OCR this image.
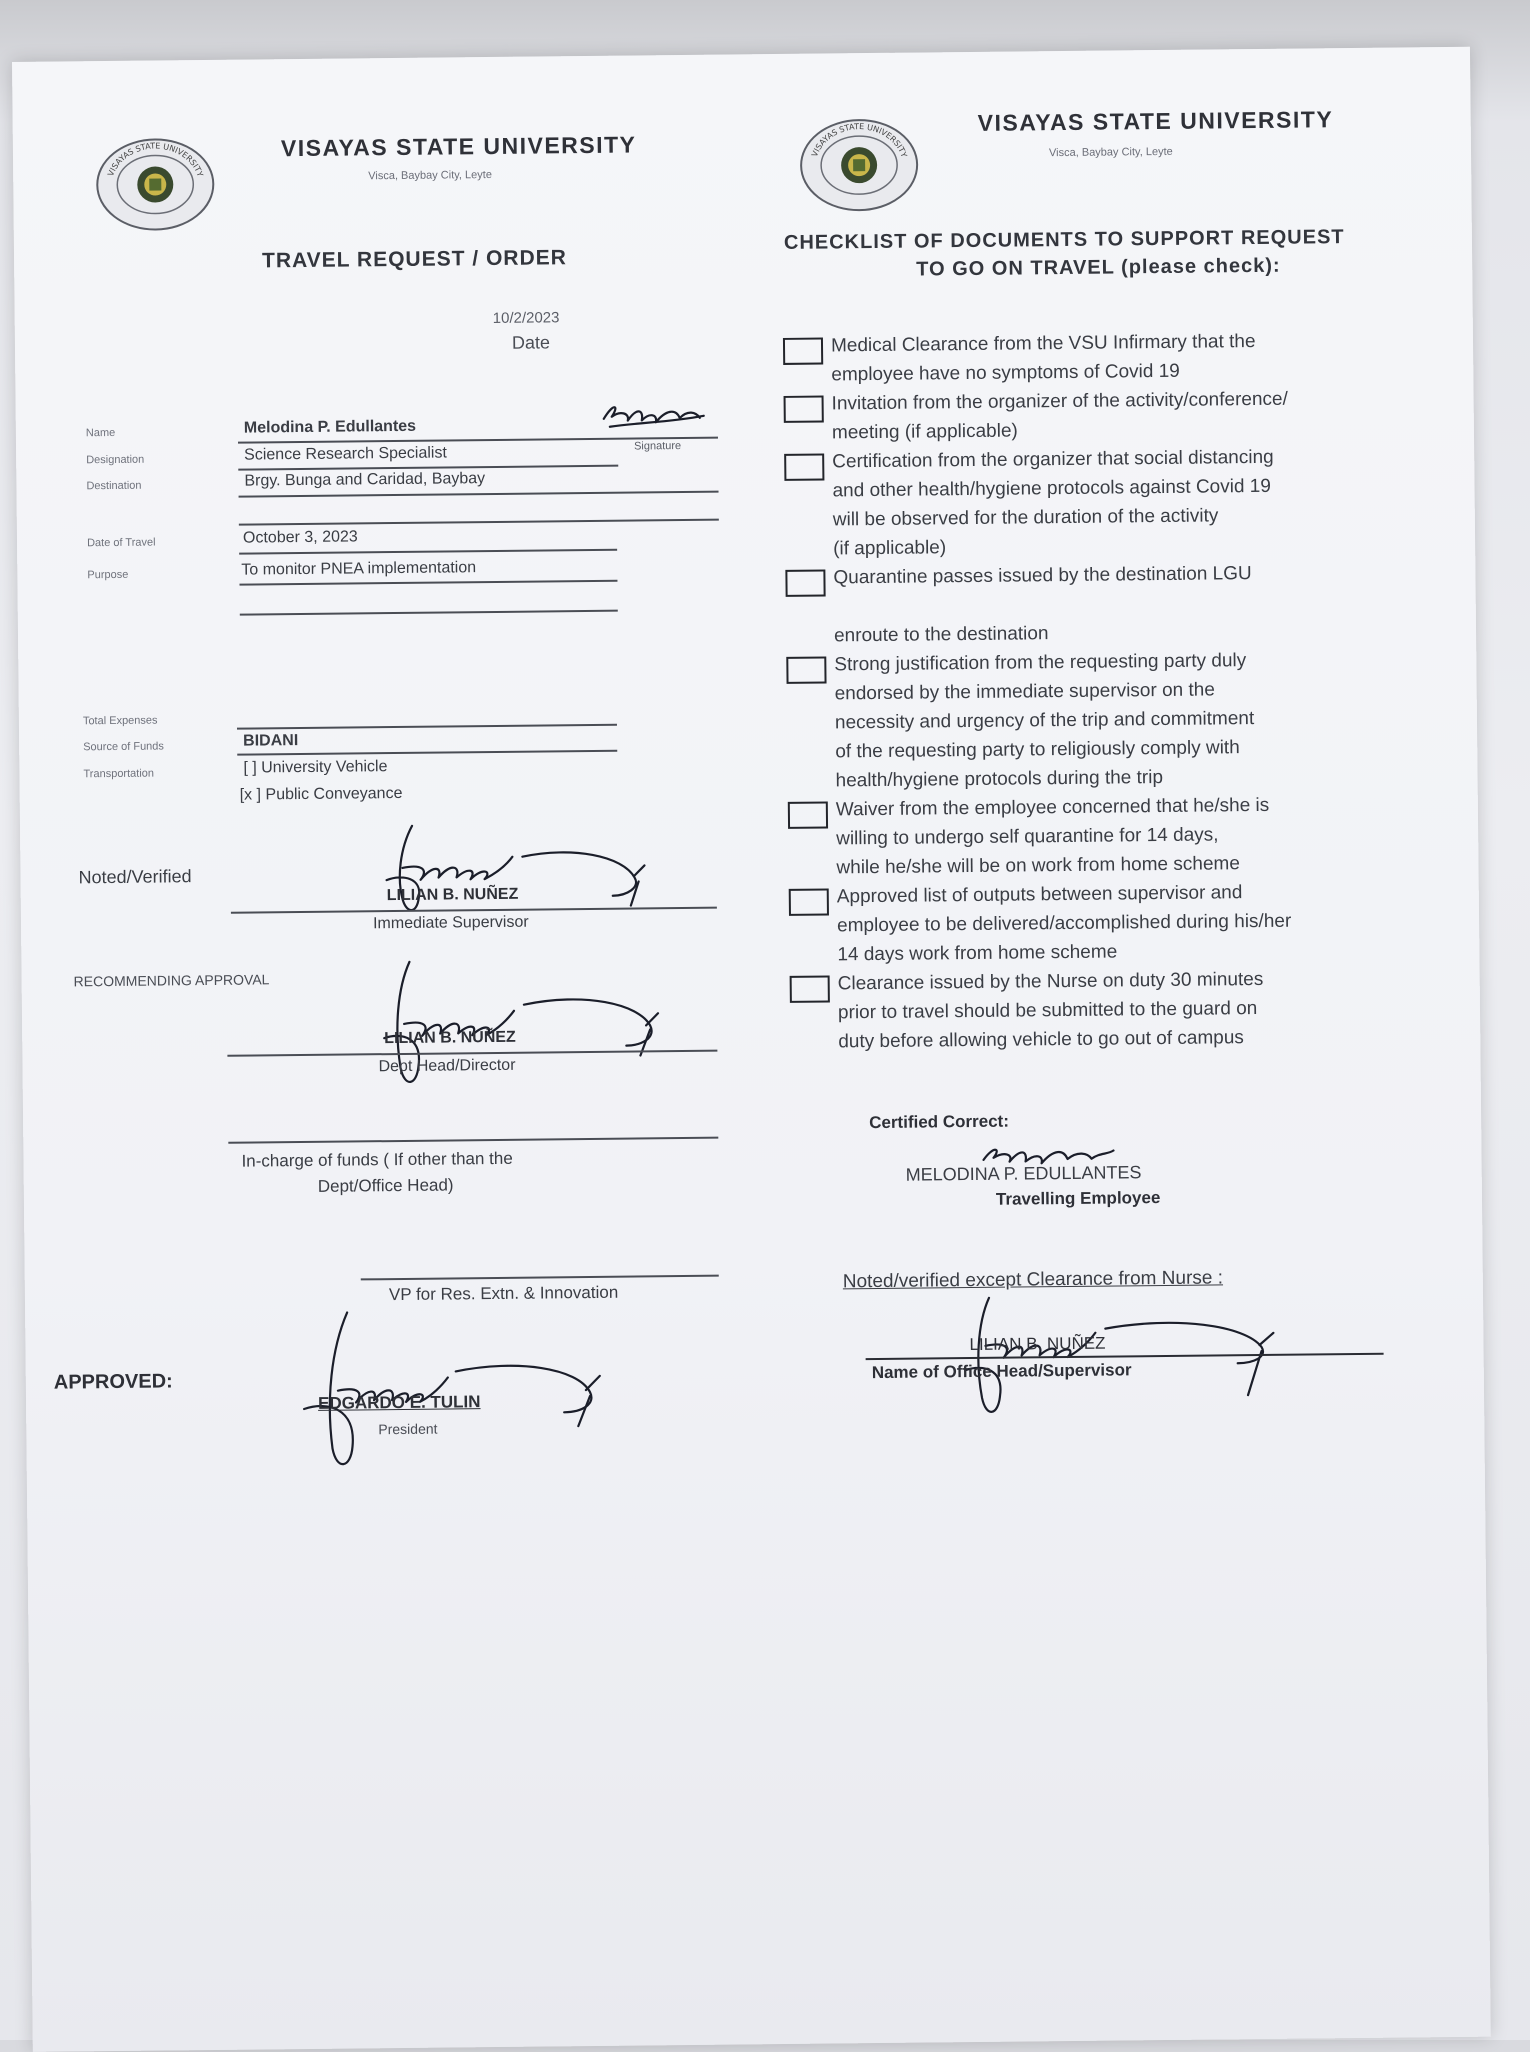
VISAYAS STATE UNIVERSITY
VISAYAS STATE UNIVERSITY
Visca, Baybay City, Leyte
TRAVEL REQUEST / ORDER
10/2/2023
Date
Name	Melodina P. Edullantes
Signature
Designation	Science Research Specialist
Destination	Brgy. Bunga and Caridad, Baybay
Date of Travel	October 3, 2023
Purpose	To monitor PNEA implementation
Total Expenses
Source of Funds	BIDANI
Transportation	[ ] University Vehicle
[x ] Public Conveyance
Noted/Verified
LILIAN B. NUÑEZ
Immediate Supervisor
RECOMMENDING APPROVAL
LILIAN B. NUÑEZ
Dept Head/Director
In-charge of funds ( If other than the
Dept/Office Head)
VP for Res. Extn. & Innovation
APPROVED:
EDGARDO E. TULIN
President
VISAYAS STATE UNIVERSITY
VISAYAS STATE UNIVERSITY
Visca, Baybay City, Leyte
CHECKLIST OF DOCUMENTS TO SUPPORT REQUEST
TO GO ON TRAVEL (please check):
Medical Clearance from the VSU Infirmary that the
employee have no symptoms of Covid 19
Invitation from the organizer of the activity/conference/
meeting (if applicable)
Certification from the organizer that social distancing
and other health/hygiene protocols against Covid 19
will be observed for the duration of the activity
(if applicable)
Quarantine passes issued by the destination LGU
enroute to the destination
Strong justification from the requesting party duly
endorsed by the immediate supervisor on the
necessity and urgency of the trip and commitment
of the requesting party to religiously comply with
health/hygiene protocols during the trip
Waiver from the employee concerned that he/she is
willing to undergo self quarantine for 14 days,
while he/she will be on work from home scheme
Approved list of outputs between supervisor and
employee to be delivered/accomplished during his/her
14 days work from home scheme
Clearance issued by the Nurse on duty 30 minutes
prior to travel should be submitted to the guard on
duty before allowing vehicle to go out of campus
Certified Correct:
MELODINA P. EDULLANTES
Travelling Employee
Noted/verified except Clearance from Nurse :
LILIAN B. NUÑEZ
Name of Office Head/Supervisor
